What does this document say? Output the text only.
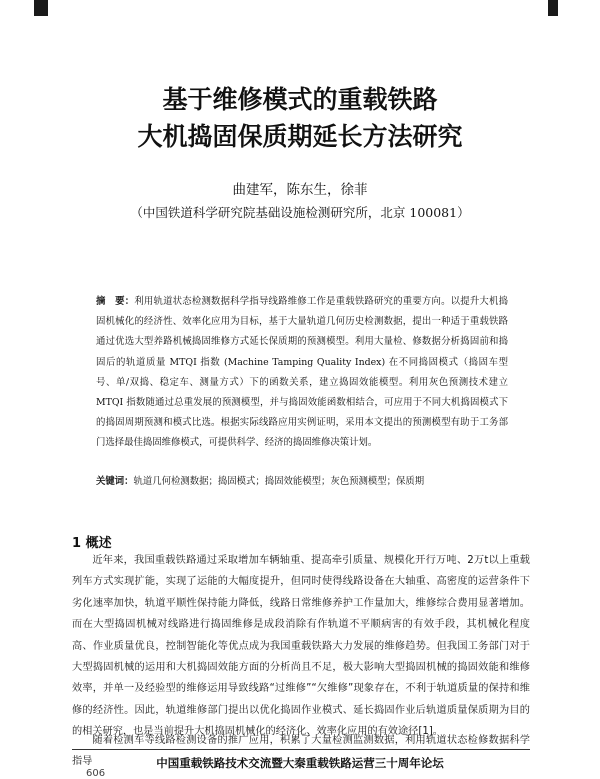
基于维修模式的重载铁路
大机捣固保质期延长方法研究
曲建军，陈东生，徐菲
（中国铁道科学研究院基础设施检测研究所，北京 100081）

摘　要：利用轨道状态检测数据科学指导线路维修工作是重载铁路研究的重要方向。以提升大机捣固机械化的经济性、效率化应用为目标，基于大量轨道几何历史检测数据，提出一种适于重载铁路通过优选大型养路机械捣固维修方式延长保质期的预测模型。利用大量检、修数据分析捣固前和捣固后的轨道质量 MTQI 指数 (Machine Tamping Quality Index) 在不同捣固模式（捣固车型号、单/双捣、稳定车、测量方式）下的函数关系，建立捣固效能模型。利用灰色预测技术建立 MTQI 指数随通过总重发展的预测模型，并与捣固效能函数相结合，可应用于不同大机捣固模式下的捣固周期预测和模式比选。根据实际线路应用实例证明，采用本文提出的预测模型有助于工务部门选择最佳捣固维修模式，可提供科学、经济的捣固维修决策计划。

关键词：轨道几何检测数据；捣固模式；捣固效能模型；灰色预测模型；保质期

1 概述

近年来，我国重载铁路通过采取增加车辆轴重、提高牵引质量、规模化开行万吨、2万t以上重载列车方式实现扩能，实现了运能的大幅度提升，但同时使得线路设备在大轴重、高密度的运营条件下劣化速率加快，轨道平顺性保持能力降低，线路日常维修养护工作量加大，维修综合费用显著增加。而在大型捣固机械对线路进行捣固维修是成段消除有作轨道不平顺病害的有效手段，其机械化程度高、作业质量优良，控制智能化等优点成为我国重载铁路大力发展的维修趋势。但我国工务部门对于大型捣固机械的运用和大机捣固效能方面的分析尚且不足，极大影响大型捣固机械的捣固效能和维修效率，并单一及经验型的维修运用导致线路“过维修”“欠维修”现象存在，不利于轨道质量的保持和维修的经济性。因此，轨道维修部门提出以优化捣固作业模式、延长捣固作业后轨道质量保质期为目的的相关研究，也是当前提升大机捣固机械化的经济化、效率化应用的有效途径[1]。

随着检测车等线路检测设备的推广应用，积累了大量检测监测数据，利用轨道状态检修数据科学指导	中国重载铁路技术交流暨大秦重载铁路运营三十周年论坛
606
